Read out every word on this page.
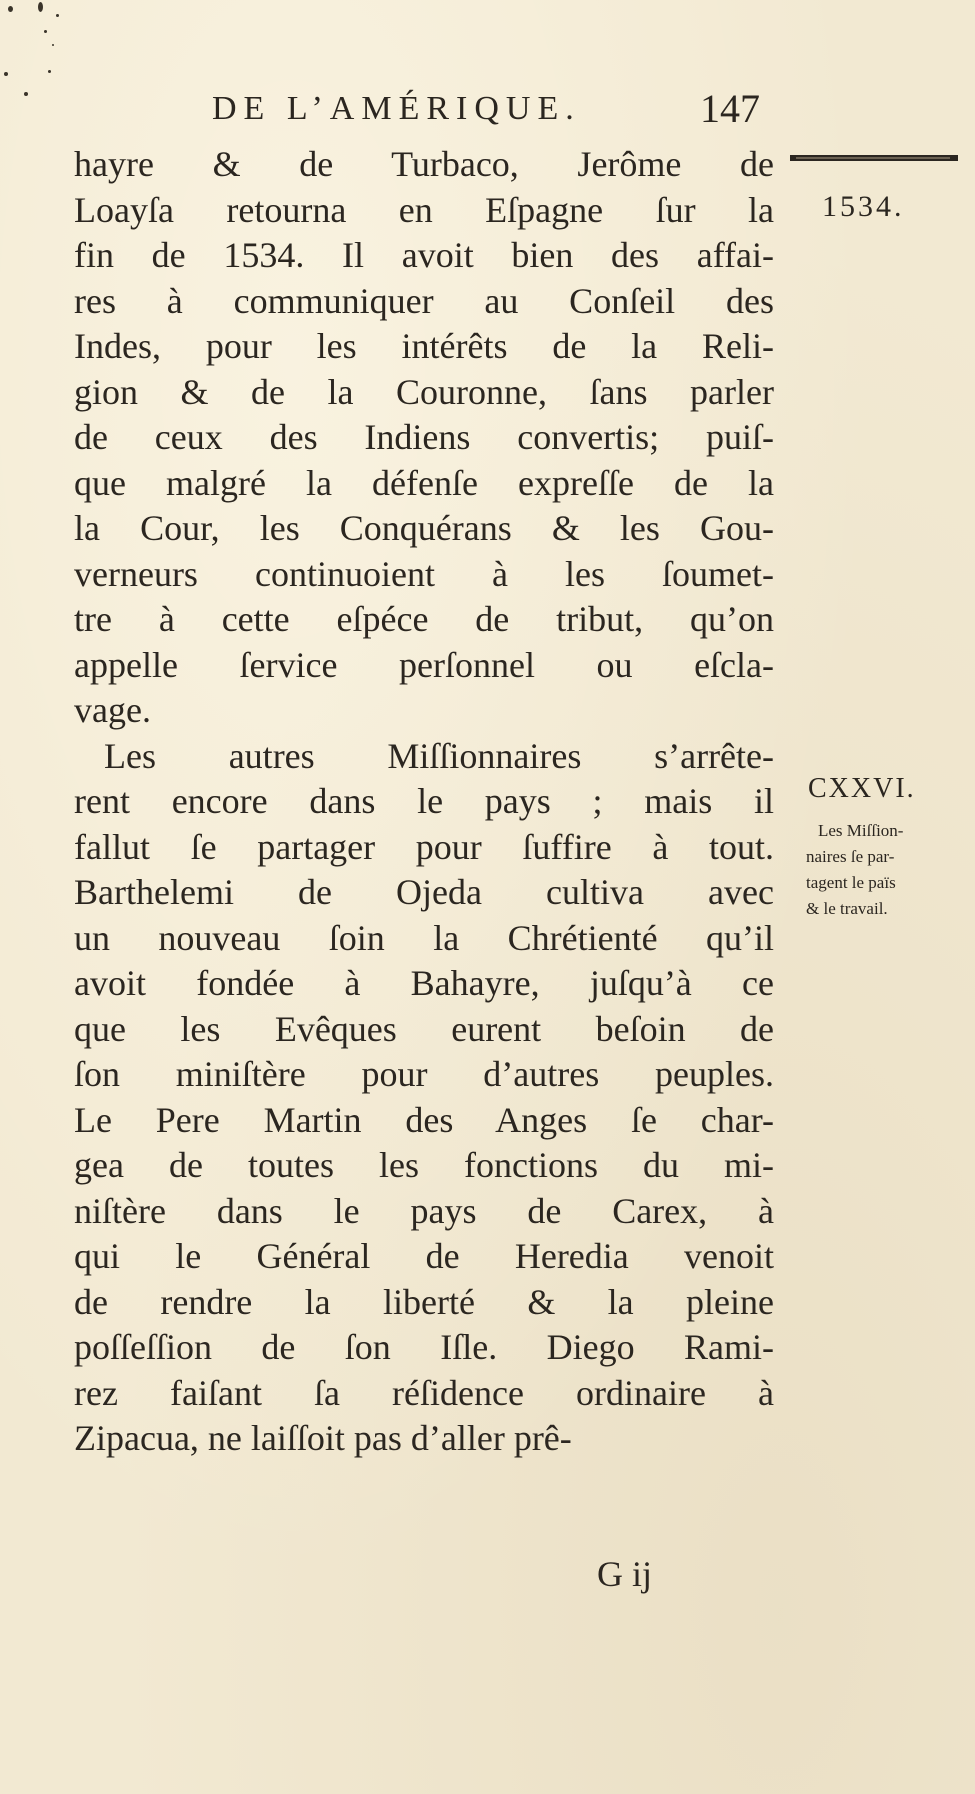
DE L’AMÉRIQUE.	147
hayre & de Turbaco, Jerôme de
Loayſa retourna en Eſpagne ſur la
fin de 1534. Il avoit bien des affai-
res à communiquer au Conſeil des
Indes, pour les intérêts de la Reli-
gion & de la Couronne, ſans parler
de ceux des Indiens convertis; puiſ-
que malgré la défenſe expreſſe de la
la Cour, les Conquérans & les Gou-
verneurs continuoient à les ſoumet-
tre à cette eſpéce de tribut, qu’on
appelle ſervice perſonnel ou eſcla-
vage.
Les autres Miſſionnaires s’arrête-
rent encore dans le pays ; mais il
fallut ſe partager pour ſuffire à tout.
Barthelemi de Ojeda cultiva avec
un nouveau ſoin la Chrétienté qu’il
avoit fondée à Bahayre, juſqu’à ce
que les Evêques eurent beſoin de
ſon miniſtère pour d’autres peuples.
Le Pere Martin des Anges ſe char-
gea de toutes les fonctions du mi-
niſtère dans le pays de Carex, à
qui le Général de Heredia venoit
de rendre la liberté & la pleine
poſſeſſion de ſon Iſle. Diego Rami-
rez faiſant ſa réſidence ordinaire à
Zipacua, ne laiſſoit pas d’aller prê-
1534.
CXXVI.
Les Miſſion-
naires ſe par-
tagent le païs
& le travail.
G ij
